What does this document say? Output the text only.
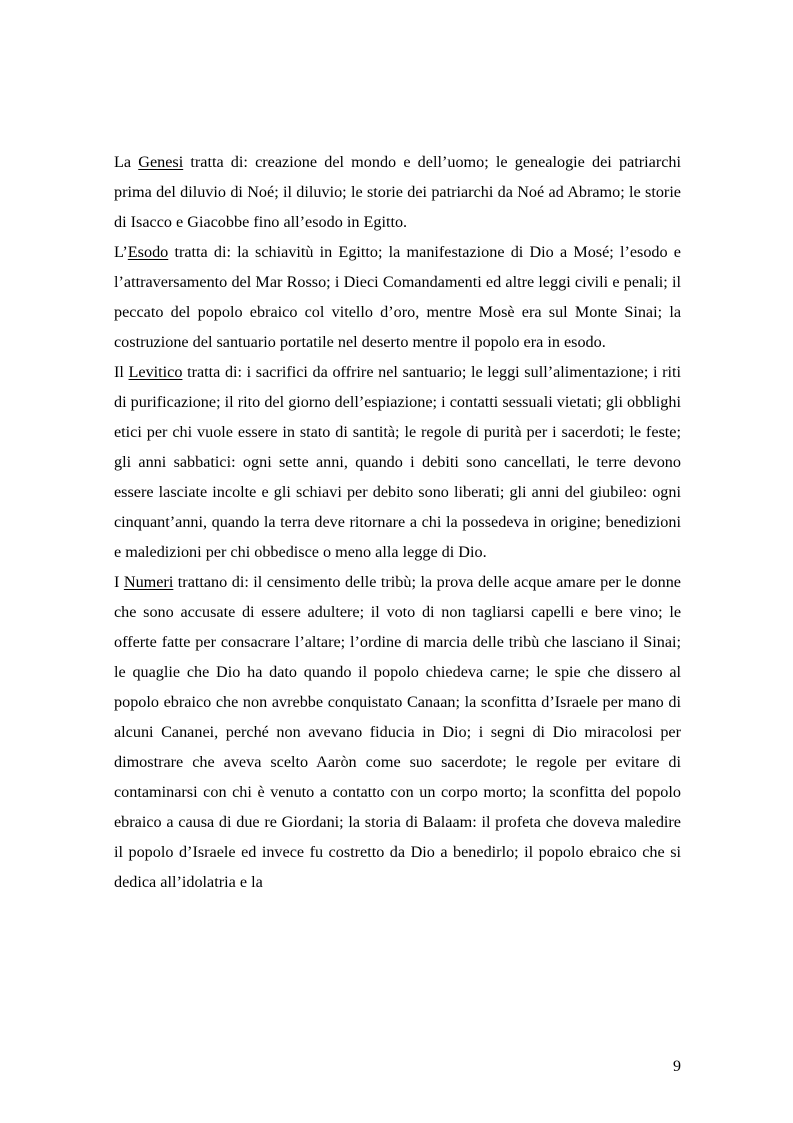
La Genesi tratta di: creazione del mondo e dell’uomo; le genealogie dei patriarchi prima del diluvio di Noé; il diluvio; le storie dei patriarchi da Noé ad Abramo; le storie di Isacco e Giacobbe fino all’esodo in Egitto.

L’Esodo tratta di: la schiavitù in Egitto; la manifestazione di Dio a Mosé; l’esodo e l’attraversamento del Mar Rosso; i Dieci Comandamenti ed altre leggi civili e penali; il peccato del popolo ebraico col vitello d’oro, mentre Mosè era sul Monte Sinai; la costruzione del santuario portatile nel deserto mentre il popolo era in esodo.

Il Levitico tratta di: i sacrifici da offrire nel santuario; le leggi sull’alimentazione; i riti di purificazione; il rito del giorno dell’espiazione; i contatti sessuali vietati; gli obblighi etici per chi vuole essere in stato di santità; le regole di purità per i sacerdoti; le feste; gli anni sabbatici: ogni sette anni, quando i debiti sono cancellati, le terre devono essere lasciate incolte e gli schiavi per debito sono liberati; gli anni del giubileo: ogni cinquant’anni, quando la terra deve ritornare a chi la possedeva in origine; benedizioni e maledizioni per chi obbedisce o meno alla legge di Dio.

I Numeri trattano di: il censimento delle tribù; la prova delle acque amare per le donne che sono accusate di essere adultere; il voto di non tagliarsi capelli e bere vino; le offerte fatte per consacrare l’altare; l’ordine di marcia delle tribù che lasciano il Sinai; le quaglie che Dio ha dato quando il popolo chiedeva carne; le spie che dissero al popolo ebraico che non avrebbe conquistato Canaan; la sconfitta d’Israele per mano di alcuni Cananei, perché non avevano fiducia in Dio; i segni di Dio miracolosi per dimostrare che aveva scelto Aaròn come suo sacerdote; le regole per evitare di contaminarsi con chi è venuto a contatto con un corpo morto; la sconfitta del popolo ebraico a causa di due re Giordani; la storia di Balaam: il profeta che doveva maledire il popolo d’Israele ed invece fu costretto da Dio a benedirlo; il popolo ebraico che si dedica all’idolatria e la

9
